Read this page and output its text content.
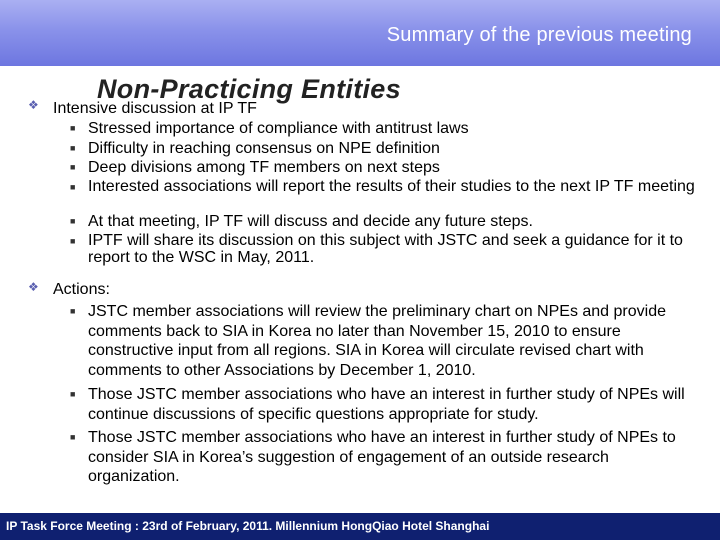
Summary of the previous meeting
❖ Intensive discussion at IP TF
■ Stressed importance of compliance with antitrust laws
■ Difficulty in reaching consensus on NPE definition
■ Deep divisions among TF members on next steps
■ Interested associations will report the results of their studies to the next IP TF meeting
■ At that meeting, IP TF will discuss and decide any future steps.
■ IPTF will share its discussion on this subject with JSTC and seek a guidance for it to report to the WSC in May, 2011.
❖ Actions:
■ JSTC member associations will review the preliminary chart on NPEs and provide comments back to SIA in Korea no later than November 15, 2010 to ensure constructive input from all regions. SIA in Korea will circulate revised chart with comments to other Associations by December 1, 2010.
■ Those JSTC member associations who have an interest in further study of NPEs will continue discussions of specific questions appropriate for study.
■ Those JSTC member associations who have an interest in further study of NPEs to consider SIA in Korea’s suggestion of engagement of an outside research organization.
Non-Practicing Entities
IP Task Force Meeting : 23rd of February, 2011. Millennium HongQiao Hotel Shanghai
